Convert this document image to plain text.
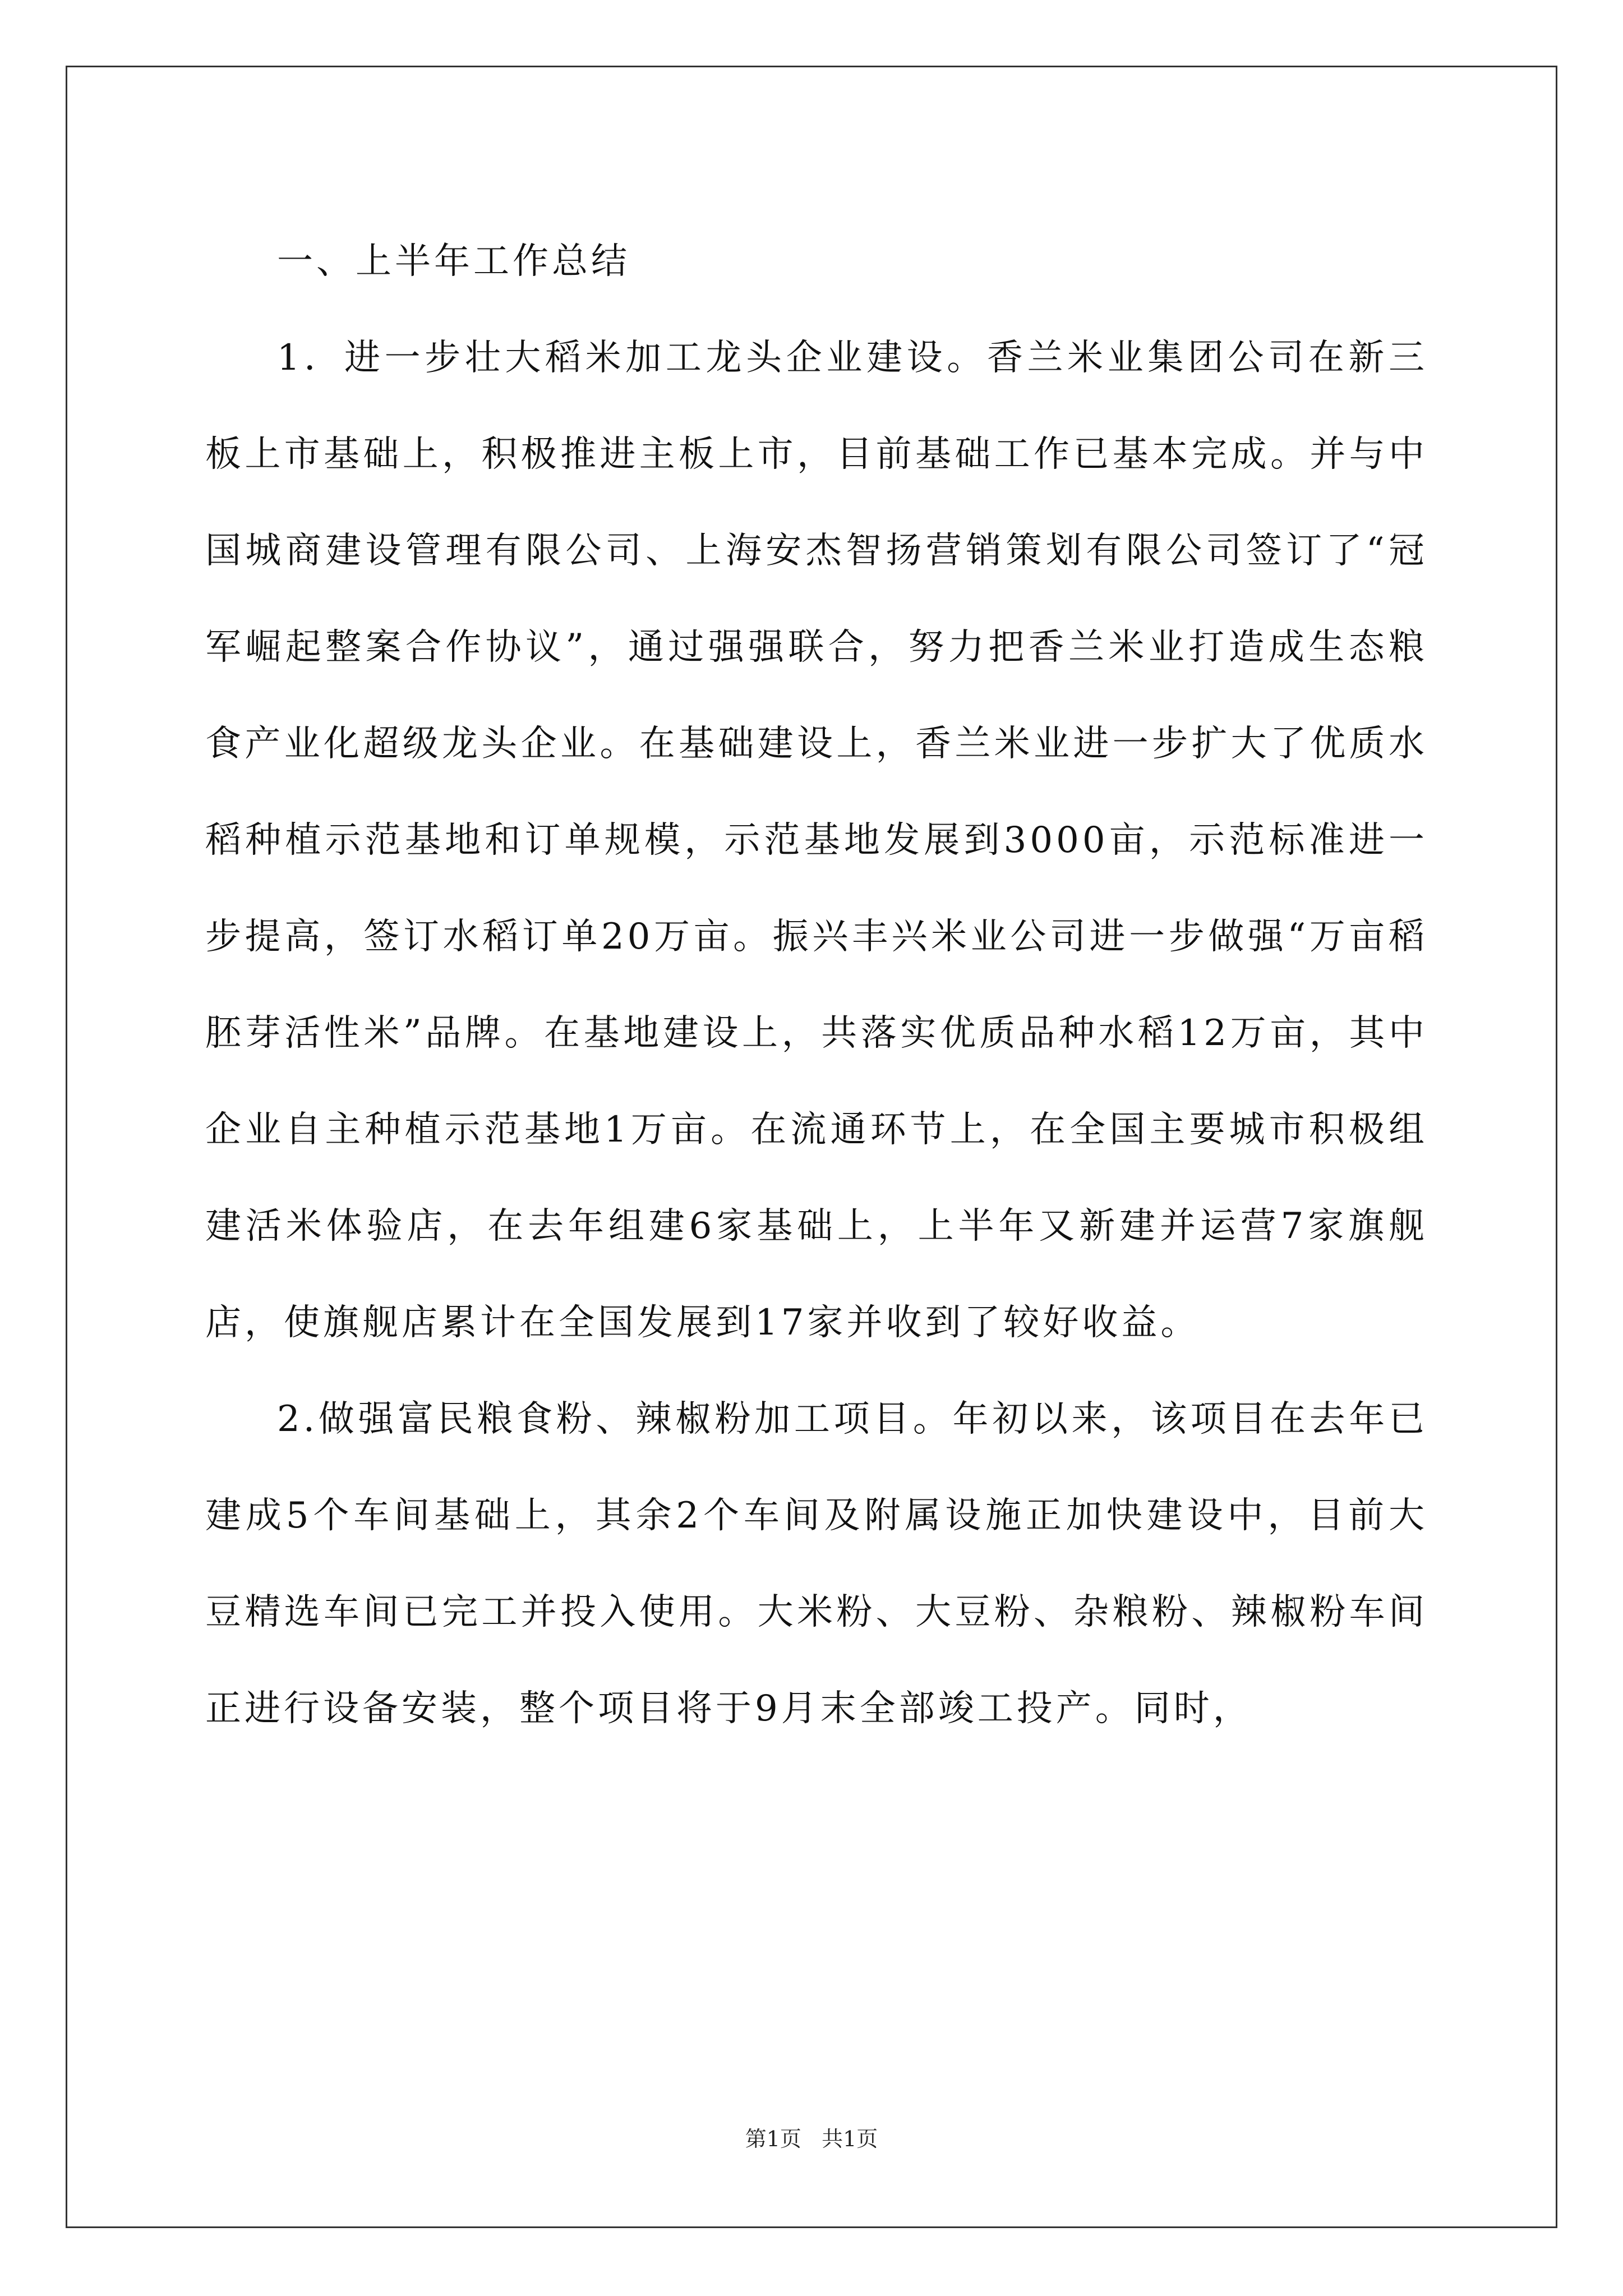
一、上半年工作总结

1．进一步壮大稻米加工龙头企业建设。香兰米业集团公司在新三板上市基础上，积极推进主板上市，目前基础工作已基本完成。并与中国城商建设管理有限公司、上海安杰智扬营销策划有限公司签订了“冠军崛起整案合作协议”，通过强强联合，努力把香兰米业打造成生态粮食产业化超级龙头企业。在基础建设上，香兰米业进一步扩大了优质水稻种植示范基地和订单规模，示范基地发展到3000亩，示范标准进一步提高，签订水稻订单20万亩。振兴丰兴米业公司进一步做强“万亩稻胚芽活性米”品牌。在基地建设上，共落实优质品种水稻12万亩，其中企业自主种植示范基地1万亩。在流通环节上，在全国主要城市积极组建活米体验店，在去年组建6家基础上，上半年又新建并运营7家旗舰店，使旗舰店累计在全国发展到17家并收到了较好收益。

2.做强富民粮食粉、辣椒粉加工项目。年初以来，该项目在去年已建成5个车间基础上，其余2个车间及附属设施正加快建设中，目前大豆精选车间已完工并投入使用。大米粉、大豆粉、杂粮粉、辣椒粉车间正进行设备安装，整个项目将于9月末全部竣工投产。同时，

第1页   共1页
